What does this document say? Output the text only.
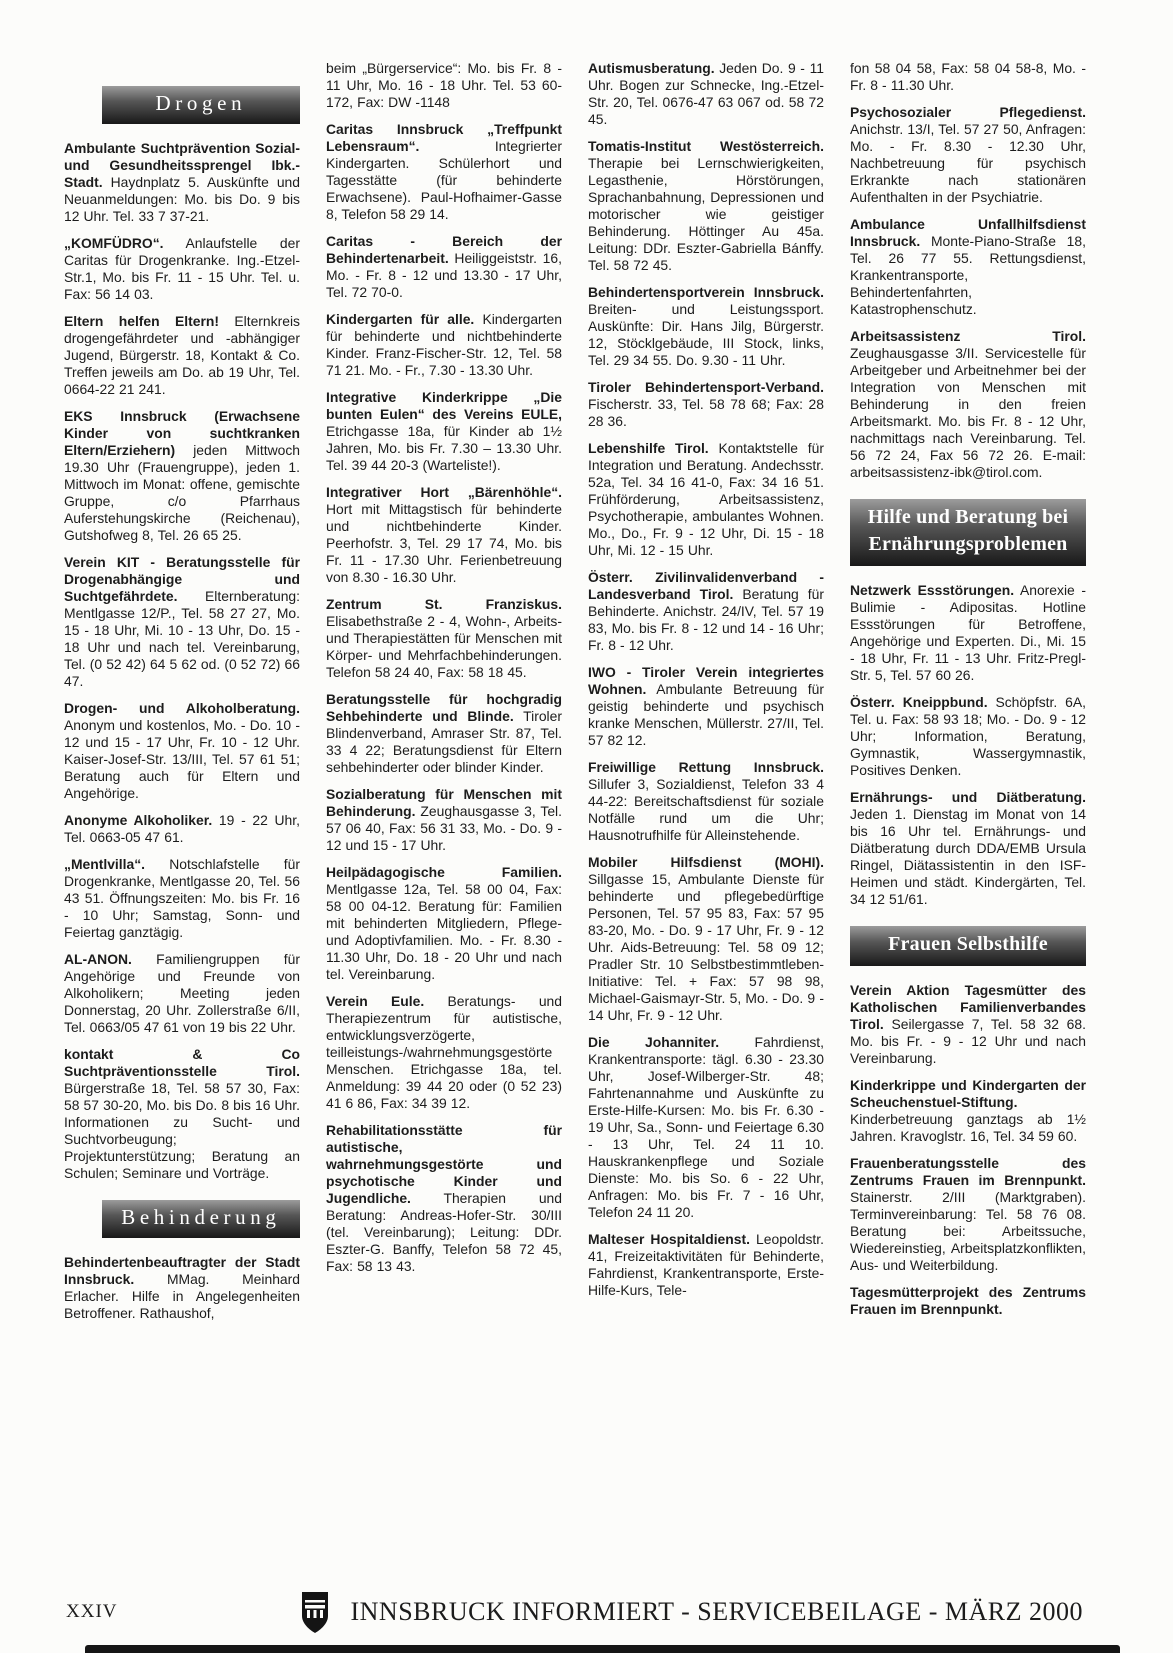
Drogen

Ambulante Suchtprävention Sozial- und Gesundheitssprengel Ibk.-Stadt. Haydnplatz 5. Auskünfte und Neuanmeldungen: Mo. bis Do. 9 bis 12 Uhr. Tel. 33 7 37-21.

„KOMFÜDRO“. Anlaufstelle der Caritas für Drogenkranke. Ing.-Etzel-Str.1, Mo. bis Fr. 11 - 15 Uhr. Tel. u. Fax: 56 14 03.

Eltern helfen Eltern! Elternkreis drogengefährdeter und -abhängiger Jugend, Bürgerstr. 18, Kontakt & Co. Treffen jeweils am Do. ab 19 Uhr, Tel. 0664-22 21 241.

EKS Innsbruck (Erwachsene Kinder von suchtkranken Eltern/Erziehern) jeden Mittwoch 19.30 Uhr (Frauengruppe), jeden 1. Mittwoch im Monat: offene, gemischte Gruppe, c/o Pfarrhaus Auferstehungskirche (Reichenau), Gutshofweg 8, Tel. 26 65 25.

Verein KIT - Beratungsstelle für Drogenabhängige und Suchtgefährdete. Elternberatung: Mentlgasse 12/P., Tel. 58 27 27, Mo. 15 - 18 Uhr, Mi. 10 - 13 Uhr, Do. 15 - 18 Uhr und nach tel. Vereinbarung, Tel. (0 52 42) 64 5 62 od. (0 52 72) 66 47.

Drogen- und Alkoholberatung. Anonym und kostenlos, Mo. - Do. 10 - 12 und 15 - 17 Uhr, Fr. 10 - 12 Uhr. Kaiser-Josef-Str. 13/III, Tel. 57 61 51; Beratung auch für Eltern und Angehörige.

Anonyme Alkoholiker. 19 - 22 Uhr, Tel. 0663-05 47 61.

„Mentlvilla“. Notschlafstelle für Drogenkranke, Mentlgasse 20, Tel. 56 43 51. Öffnungszeiten: Mo. bis Fr. 16 - 10 Uhr; Samstag, Sonn- und Feiertag ganztägig.

AL-ANON. Familiengruppen für Angehörige und Freunde von Alkoholikern; Meeting jeden Donnerstag, 20 Uhr. Zollerstraße 6/II, Tel. 0663/05 47 61 von 19 bis 22 Uhr.

kontakt & Co Suchtpräventionsstelle Tirol. Bürgerstraße 18, Tel. 58 57 30, Fax: 58 57 30-20, Mo. bis Do. 8 bis 16 Uhr. Informationen zu Sucht- und Suchtvorbeugung; Projektunterstützung; Beratung an Schulen; Seminare und Vorträge.

Behinderung

Behindertenbeauftragter der Stadt Innsbruck. MMag. Meinhard Erlacher. Hilfe in Angelegenheiten Betroffener. Rathaushof,

beim „Bürgerservice“: Mo. bis Fr. 8 - 11 Uhr, Mo. 16 - 18 Uhr. Tel. 53 60-172, Fax: DW -1148

Caritas Innsbruck „Treffpunkt Lebensraum“.	Integrierter Kindergarten. Schülerhort und Tagesstätte (für behinderte Erwachsene). Paul-Hofhaimer-Gasse 8, Telefon 58 29 14.

Caritas - Bereich der Behindertenarbeit. Heiliggeiststr. 16, Mo. - Fr. 8 - 12 und 13.30 - 17 Uhr, Tel. 72 70-0.

Kindergarten für alle. Kindergarten für behinderte und nichtbehinderte Kinder. Franz-Fischer-Str. 12, Tel. 58 71 21. Mo. - Fr., 7.30 - 13.30 Uhr.

Integrative Kinderkrippe „Die bunten Eulen“ des Vereins EULE, Etrichgasse 18a, für Kinder ab 1½ Jahren, Mo. bis Fr. 7.30 – 13.30 Uhr. Tel. 39 44 20-3 (Warteliste!).

Integrativer Hort „Bärenhöhle“. Hort mit Mittagstisch für behinderte und nichtbehinderte Kinder. Peerhofstr. 3, Tel. 29 17 74, Mo. bis Fr. 11 - 17.30 Uhr. Ferienbetreuung von 8.30 - 16.30 Uhr.

Zentrum St. Franziskus. Elisabethstraße 2 - 4, Wohn-, Arbeits- und Therapiestätten für Menschen mit Körper- und Mehrfachbehinderungen. Telefon 58 24 40, Fax: 58 18 45.

Beratungsstelle für hochgradig Sehbehinderte und Blinde. Tiroler Blindenverband, Amraser Str. 87, Tel. 33 4 22; Beratungsdienst für Eltern sehbehinderter oder blinder Kinder.

Sozialberatung für Menschen mit Behinderung. Zeughausgasse 3, Tel. 57 06 40, Fax: 56 31 33, Mo. - Do. 9 - 12 und 15 - 17 Uhr.

Heilpädagogische Familien. Mentlgasse 12a, Tel. 58 00 04, Fax: 58 00 04-12. Beratung für: Familien mit behinderten Mitgliedern, Pflege- und Adoptivfamilien. Mo. - Fr. 8.30 - 11.30 Uhr, Do. 18 - 20 Uhr und nach tel. Vereinbarung.

Verein Eule. Beratungs- und Therapiezentrum für autistische, entwicklungsverzögerte, teilleistungs-/wahrnehmungsgestörte Menschen. Etrichgasse 18a, tel. Anmeldung: 39 44 20 oder (0 52 23) 41 6 86, Fax: 34 39 12.

Rehabilitationsstätte für autistische, wahrnehmungsgestörte und psychotische Kinder und Jugendliche. Therapien und Beratung: Andreas-Hofer-Str. 30/III (tel. Vereinbarung); Leitung: DDr. Eszter-G. Banffy, Telefon 58 72 45, Fax: 58 13 43.

Autismusberatung. Jeden Do. 9 - 11 Uhr. Bogen zur Schnecke, Ing.-Etzel-Str. 20, Tel. 0676-47 63 067 od. 58 72 45.

Tomatis-Institut Westösterreich. Therapie bei Lernschwierigkeiten, Legasthenie, Hörstörungen, Sprachanbahnung, Depressionen und motorischer wie geistiger Behinderung. Höttinger Au 45a. Leitung: DDr. Eszter-Gabriella Bánffy. Tel. 58 72 45.

Behindertensportverein Innsbruck. Breiten- und Leistungssport. Auskünfte: Dir. Hans Jilg, Bürgerstr. 12, Stöcklgebäude, III Stock, links, Tel. 29 34 55. Do. 9.30 - 11 Uhr.

Tiroler Behindertensport-Verband. Fischerstr. 33, Tel. 58 78 68; Fax: 28 28 36.

Lebenshilfe Tirol. Kontaktstelle für Integration und Beratung. Andechsstr. 52a, Tel. 34 16 41-0, Fax: 34 16 51. Frühförderung, Arbeitsassistenz, Psychotherapie, ambulantes Wohnen. Mo., Do., Fr. 9 - 12 Uhr, Di. 15 - 18 Uhr, Mi. 12 - 15 Uhr.

Österr. Zivilinvalidenverband - Landesverband Tirol. Beratung für Behinderte. Anichstr. 24/IV, Tel. 57 19 83, Mo. bis Fr. 8 - 12 und 14 - 16 Uhr; Fr. 8 - 12 Uhr.

IWO - Tiroler Verein integriertes Wohnen. Ambulante Betreuung für geistig behinderte und psychisch kranke Menschen, Müllerstr. 27/II, Tel. 57 82 12.

Freiwillige Rettung Innsbruck. Sillufer 3, Sozialdienst, Telefon 33 4 44-22: Bereitschaftsdienst für soziale Notfälle rund um die Uhr; Hausnotrufhilfe für Alleinstehende.

Mobiler Hilfsdienst (MOHI). Sillgasse 15, Ambulante Dienste für behinderte und pflegebedürftige Personen, Tel. 57 95 83, Fax: 57 95 83-20, Mo. - Do. 9 - 17 Uhr, Fr. 9 - 12 Uhr. Aids-Betreuung: Tel. 58 09 12; Pradler Str. 10 Selbstbestimmtleben-Initiative: Tel. + Fax: 57 98 98, Michael-Gaismayr-Str. 5, Mo. - Do. 9 - 14 Uhr, Fr. 9 - 12 Uhr.

Die Johanniter.	Fahrdienst, Krankentransporte: tägl. 6.30 - 23.30 Uhr, Josef-Wilberger-Str. 48; Fahrtenannahme und Auskünfte zu Erste-Hilfe-Kursen: Mo. bis Fr. 6.30 - 19 Uhr, Sa., Sonn- und Feiertage 6.30 - 13 Uhr, Tel. 24 11 10. Hauskrankenpflege und Soziale Dienste: Mo. bis So. 6 - 22 Uhr, Anfragen: Mo. bis Fr. 7 - 16 Uhr, Telefon 24 11 20.

Malteser Hospitaldienst. Leopoldstr. 41, Freizeitaktivitäten für Behinderte, Fahrdienst, Krankentransporte, Erste-Hilfe-Kurs, Tele-

fon 58 04 58, Fax: 58 04 58-8, Mo. - Fr. 8 - 11.30 Uhr.

Psychosozialer Pflegedienst. Anichstr. 13/I, Tel. 57 27 50, Anfragen: Mo. - Fr. 8.30 - 12.30 Uhr, Nachbetreuung für psychisch Erkrankte nach stationären Aufenthalten in der Psychiatrie.

Ambulance Unfallhilfsdienst Innsbruck. Monte-Piano-Straße 18, Tel. 26 77 55. Rettungsdienst, Krankentransporte, Behindertenfahrten, Katastrophenschutz.

Arbeitsassistenz Tirol. Zeughausgasse 3/II. Servicestelle für Arbeitgeber und Arbeitnehmer bei der Integration von Menschen mit Behinderung in den freien Arbeitsmarkt. Mo. bis Fr. 8 - 12 Uhr, nachmittags nach Vereinbarung. Tel. 56 72 24, Fax 56 72 26. E-mail: arbeitsassistenz-ibk@tirol.com.

Hilfe und Beratung bei Ernährungsproblemen

Netzwerk Essstörungen. Anorexie - Bulimie - Adipositas. Hotline Essstörungen für Betroffene, Angehörige und Experten. Di., Mi. 15 - 18 Uhr, Fr. 11 - 13 Uhr. Fritz-Pregl-Str. 5, Tel. 57 60 26.

Österr. Kneippbund. Schöpfstr. 6A, Tel. u. Fax: 58 93 18; Mo. - Do. 9 - 12 Uhr; Information, Beratung, Gymnastik, Wassergymnastik, Positives Denken.

Ernährungs- und Diätberatung. Jeden 1. Dienstag im Monat von 14 bis 16 Uhr tel. Ernährungs- und Diätberatung durch DDA/EMB Ursula Ringel, Diätassistentin in den ISF-Heimen und städt. Kindergärten, Tel. 34 12 51/61.

Frauen Selbsthilfe

Verein Aktion Tagesmütter des Katholischen Familienverbandes Tirol. Seilergasse 7, Tel. 58 32 68. Mo. bis Fr. - 9 - 12 Uhr und nach Vereinbarung.

Kinderkrippe und Kindergarten der Scheuchenstuel-Stiftung. Kinderbetreuung ganztags ab 1½ Jahren. Kravoglstr. 16, Tel. 34 59 60.

Frauenberatungsstelle des Zentrums Frauen im Brennpunkt. Stainerstr. 2/III (Marktgraben). Terminvereinbarung: Tel. 58 76 08. Beratung bei: Arbeitssuche, Wiedereinstieg, Arbeitsplatzkonflikten, Aus- und Weiterbildung.

Tagesmütterprojekt des Zentrums Frauen im Brennpunkt.

XXIV	INNSBRUCK INFORMIERT - SERVICEBEILAGE - MÄRZ 2000
